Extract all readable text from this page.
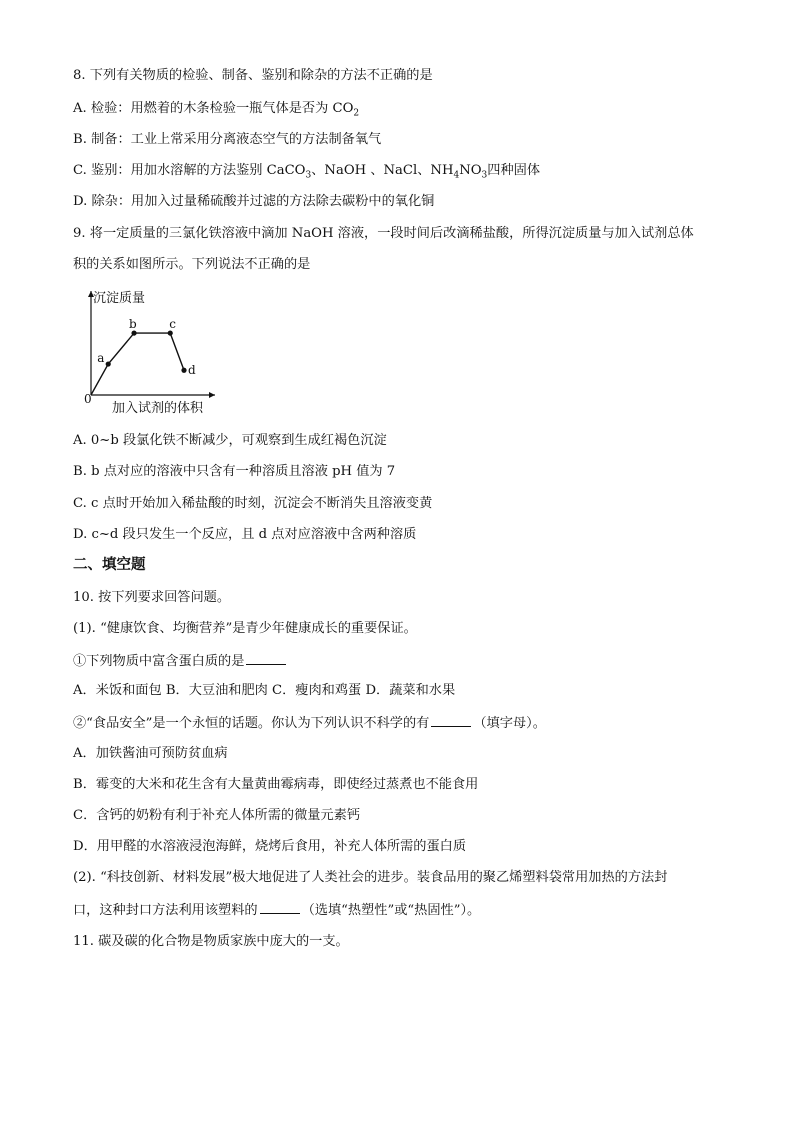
8. 下列有关物质的检验、制备、鉴别和除杂的方法不正确的是
A. 检验：用燃着的木条检验一瓶气体是否为 $CO_2$
B. 制备：工业上常采用分离液态空气的方法制备氧气
C. 鉴别：用加水溶解的方法鉴别 CaCO$_3$、NaOH 、NaCl、$NH_4NO_3$四种固体
D. 除杂：用加入过量稀硫酸并过滤的方法除去碳粉中的氧化铜
9. 将一定质量的三氯化铁溶液中滴加 NaOH 溶液，一段时间后改滴稀盐酸，所得沉淀质量与加入试剂总体
积的关系如图所示。下列说法不正确的是
a
b	c
d
沉淀质量
加入试剂的体积
0
A. 0~b 段氯化铁不断减少，可观察到生成红褐色沉淀
B. b 点对应的溶液中只含有一种溶质且溶液 pH 值为 7
C. c 点时开始加入稀盐酸的时刻，沉淀会不断消失且溶液变黄
D. c~d 段只发生一个反应，且 d 点对应溶液中含两种溶质
二、填空题
10. 按下列要求回答问题。
(1). “健康饮食、均衡营养”是青少年健康成长的重要保证。
①下列物质中富含蛋白质的是
A．米饭和面包 B．大豆油和肥肉 C．瘦肉和鸡蛋 D．蔬菜和水果
②“食品安全”是一个永恒的话题。你认为下列认识不科学的有	（填字母）。
A．加铁酱油可预防贫血病
B．霉变的大米和花生含有大量黄曲霉病毒，即使经过蒸煮也不能食用
C．含钙的奶粉有利于补充人体所需的微量元素钙
D．用甲醛的水溶液浸泡海鲜，烧烤后食用，补充人体所需的蛋白质
(2). “科技创新、材料发展”极大地促进了人类社会的进步。装食品用的聚乙烯塑料袋常用加热的方法封
口，这种封口方法利用该塑料的	（选填“热塑性”或“热固性”）。
11. 碳及碳的化合物是物质家族中庞大的一支。
